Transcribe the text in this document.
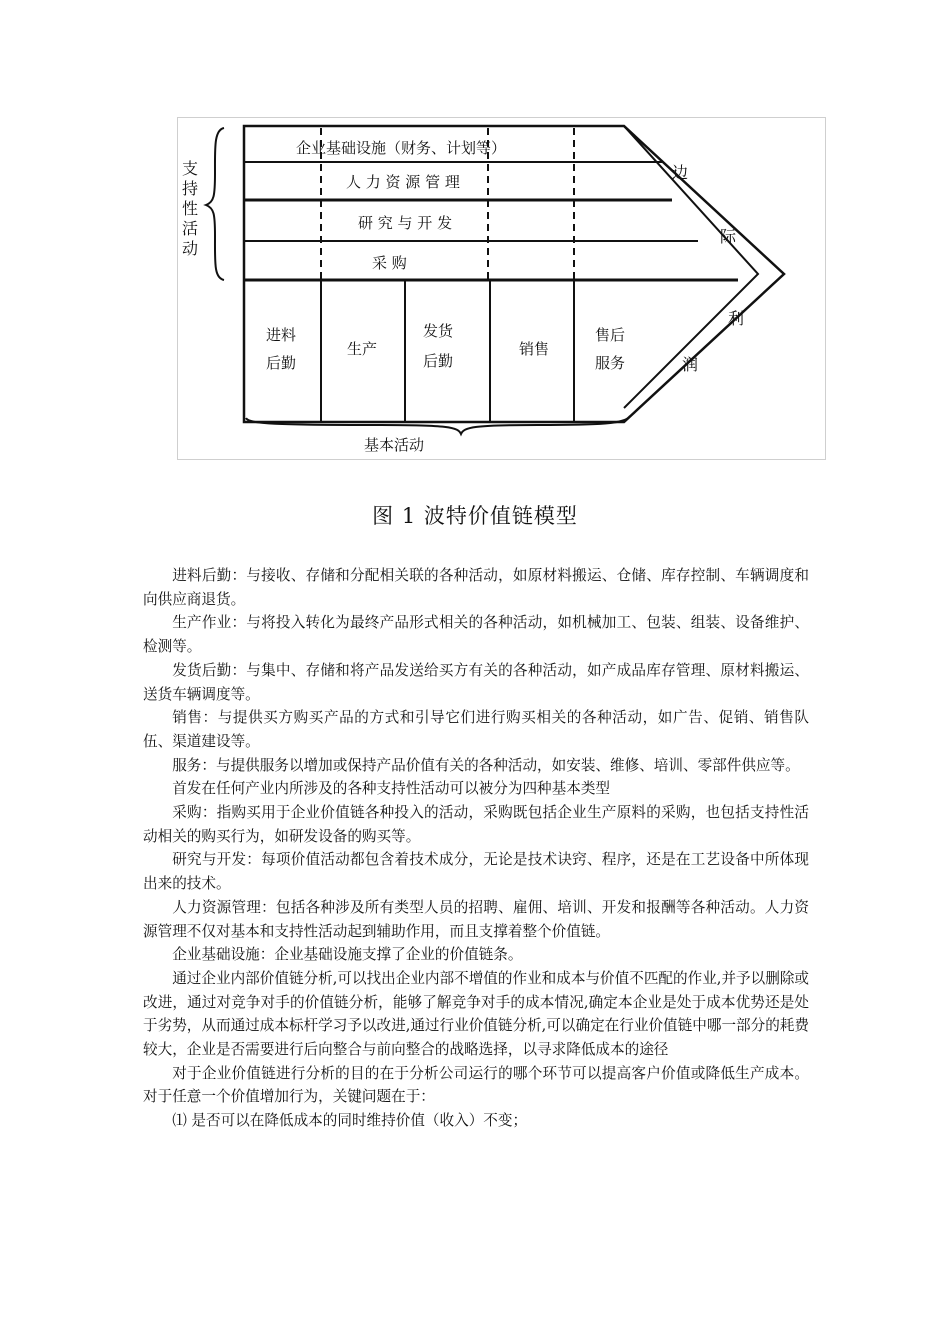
支
持
性
活
动
企业基础设施（财务、计划等）
人 力 资 源 管 理
研 究 与 开 发
采 购
进料
后勤
生产
发货
后勤
销售
售后
服务
边
际
利
润
基本活动
图 1 波特价值链模型

进料后勤：与接收、存储和分配相关联的各种活动，如原材料搬运、仓储、库存控制、车辆调度和向供应商退货。

生产作业：与将投入转化为最终产品形式相关的各种活动，如机械加工、包装、组装、设备维护、检测等。

发货后勤：与集中、存储和将产品发送给买方有关的各种活动，如产成品库存管理、原材料搬运、送货车辆调度等。

销售：与提供买方购买产品的方式和引导它们进行购买相关的各种活动，如广告、促销、销售队伍、渠道建设等。

服务：与提供服务以增加或保持产品价值有关的各种活动，如安装、维修、培训、零部件供应等。

首发在任何产业内所涉及的各种支持性活动可以被分为四种基本类型

采购：指购买用于企业价值链各种投入的活动，采购既包括企业生产原料的采购，也包括支持性活动相关的购买行为，如研发设备的购买等。

研究与开发：每项价值活动都包含着技术成分，无论是技术诀窍、程序，还是在工艺设备中所体现出来的技术。

人力资源管理：包括各种涉及所有类型人员的招聘、雇佣、培训、开发和报酬等各种活动。人力资源管理不仅对基本和支持性活动起到辅助作用，而且支撑着整个价值链。

企业基础设施：企业基础设施支撑了企业的价值链条。

通过企业内部价值链分析,可以找出企业内部不增值的作业和成本与价值不匹配的作业,并予以删除或改进，通过对竞争对手的价值链分析，能够了解竞争对手的成本情况,确定本企业是处于成本优势还是处于劣势，从而通过成本标杆学习予以改进,通过行业价值链分析,可以确定在行业价值链中哪一部分的耗费较大，企业是否需要进行后向整合与前向整合的战略选择，以寻求降低成本的途径

对于企业价值链进行分析的目的在于分析公司运行的哪个环节可以提高客户价值或降低生产成本。对于任意一个价值增加行为，关键问题在于：

⑴ 是否可以在降低成本的同时维持价值（收入）不变；
